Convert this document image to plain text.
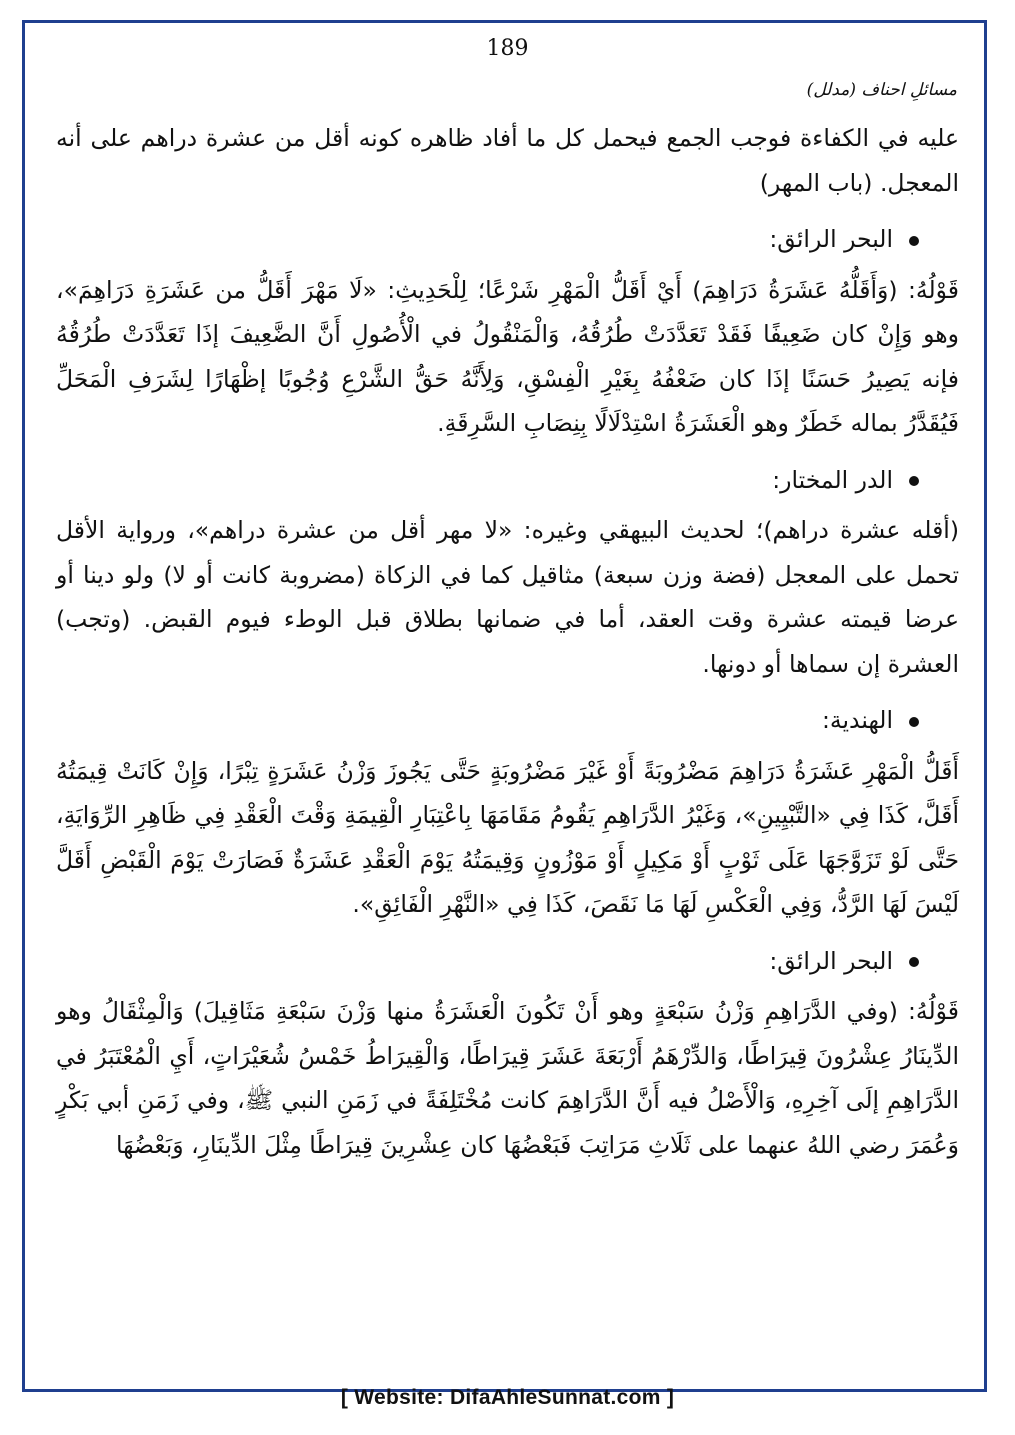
189
مسائلِ احناف (مدلل)

عليه في الكفاءة فوجب الجمع فيحمل كل ما أفاد ظاهره كونه أقل من عشرة دراهم على أنه المعجل. (باب المهر)

البحر الرائق:

قَوْلُهُ: (وَأَقَلُّهُ عَشَرَةُ دَرَاهِمَ) أَيْ أَقَلُّ الْمَهْرِ شَرْعًا؛ لِلْحَدِيثِ: «لَا مَهْرَ أَقَلُّ من عَشَرَةِ دَرَاهِمَ»، وهو وَإِنْ كان ضَعِيفًا فَقَدْ تَعَدَّدَتْ طُرُقُهُ، وَالْمَنْقُولُ في الْأُصُولِ أَنَّ الضَّعِيفَ إذَا تَعَدَّدَتْ طُرُقُهُ فإنه يَصِيرُ حَسَنًا إذَا كان ضَعْفُهُ بِغَيْرِ الْفِسْقِ، وَلِأَنَّهُ حَقُّ الشَّرْعِ وُجُوبًا إظْهَارًا لِشَرَفِ الْمَحَلِّ فَيُقَدَّرُ بماله خَطَرٌ وهو الْعَشَرَةُ اسْتِدْلَالًا بِنِصَابِ السَّرِقَةِ.

الدر المختار:

(أقله عشرة دراهم)؛ لحديث البيهقي وغيره: «لا مهر أقل من عشرة دراهم»، ورواية الأقل تحمل على المعجل (فضة وزن سبعة) مثاقيل كما في الزكاة (مضروبة كانت أو لا) ولو دينا أو عرضا قيمته عشرة وقت العقد، أما في ضمانها بطلاق قبل الوطء فيوم القبض. (وتجب) العشرة إن سماها أو دونها.

الهندية:

أَقَلُّ الْمَهْرِ عَشَرَةُ دَرَاهِمَ مَضْرُوبَةً أَوْ غَيْرَ مَضْرُوبَةٍ حَتَّى يَجُوزَ وَزْنُ عَشَرَةٍ تِبْرًا، وَإِنْ كَانَتْ قِيمَتُهُ أَقَلَّ، كَذَا فِي «التَّبْيِينِ»، وَغَيْرُ الدَّرَاهِمِ يَقُومُ مَقَامَهَا بِاعْتِبَارِ الْقِيمَةِ وَقْتَ الْعَقْدِ فِي ظَاهِرِ الرِّوَايَةِ، حَتَّى لَوْ تَزَوَّجَهَا عَلَى ثَوْبٍ أَوْ مَكِيلٍ أَوْ مَوْزُونٍ وَقِيمَتُهُ يَوْمَ الْعَقْدِ عَشَرَةٌ فَصَارَتْ يَوْمَ الْقَبْضِ أَقَلَّ لَيْسَ لَهَا الرَّدُّ، وَفِي الْعَكْسِ لَهَا مَا نَقَصَ، كَذَا فِي «النَّهْرِ الْفَائِقِ».

البحر الرائق:

قَوْلُهُ: (وفي الدَّرَاهِمِ وَزْنُ سَبْعَةٍ وهو أَنْ تَكُونَ الْعَشَرَةُ منها وَزْنَ سَبْعَةِ مَثَاقِيلَ) وَالْمِثْقَالُ وهو الدِّينَارُ عِشْرُونَ قِيرَاطًا، وَالدِّرْهَمُ أَرْبَعَةَ عَشَرَ قِيرَاطًا، وَالْقِيرَاطُ خَمْسُ شُعَيْرَاتٍ، أَيِ الْمُعْتَبَرُ في الدَّرَاهِمِ إلَى آخِرِهِ، وَالْأَصْلُ فيه أَنَّ الدَّرَاهِمَ كانت مُخْتَلِفَةً في زَمَنِ النبي ﷺ، وفي زَمَنِ أبي بَكْرٍ وَعُمَرَ رضي اللهُ عنهما على ثَلَاثِ مَرَاتِبَ فَبَعْضُهَا كان عِشْرِينَ قِيرَاطًا مِثْلَ الدِّينَارِ، وَبَعْضُهَا

[ Website: DifaAhleSunnat.com ]
